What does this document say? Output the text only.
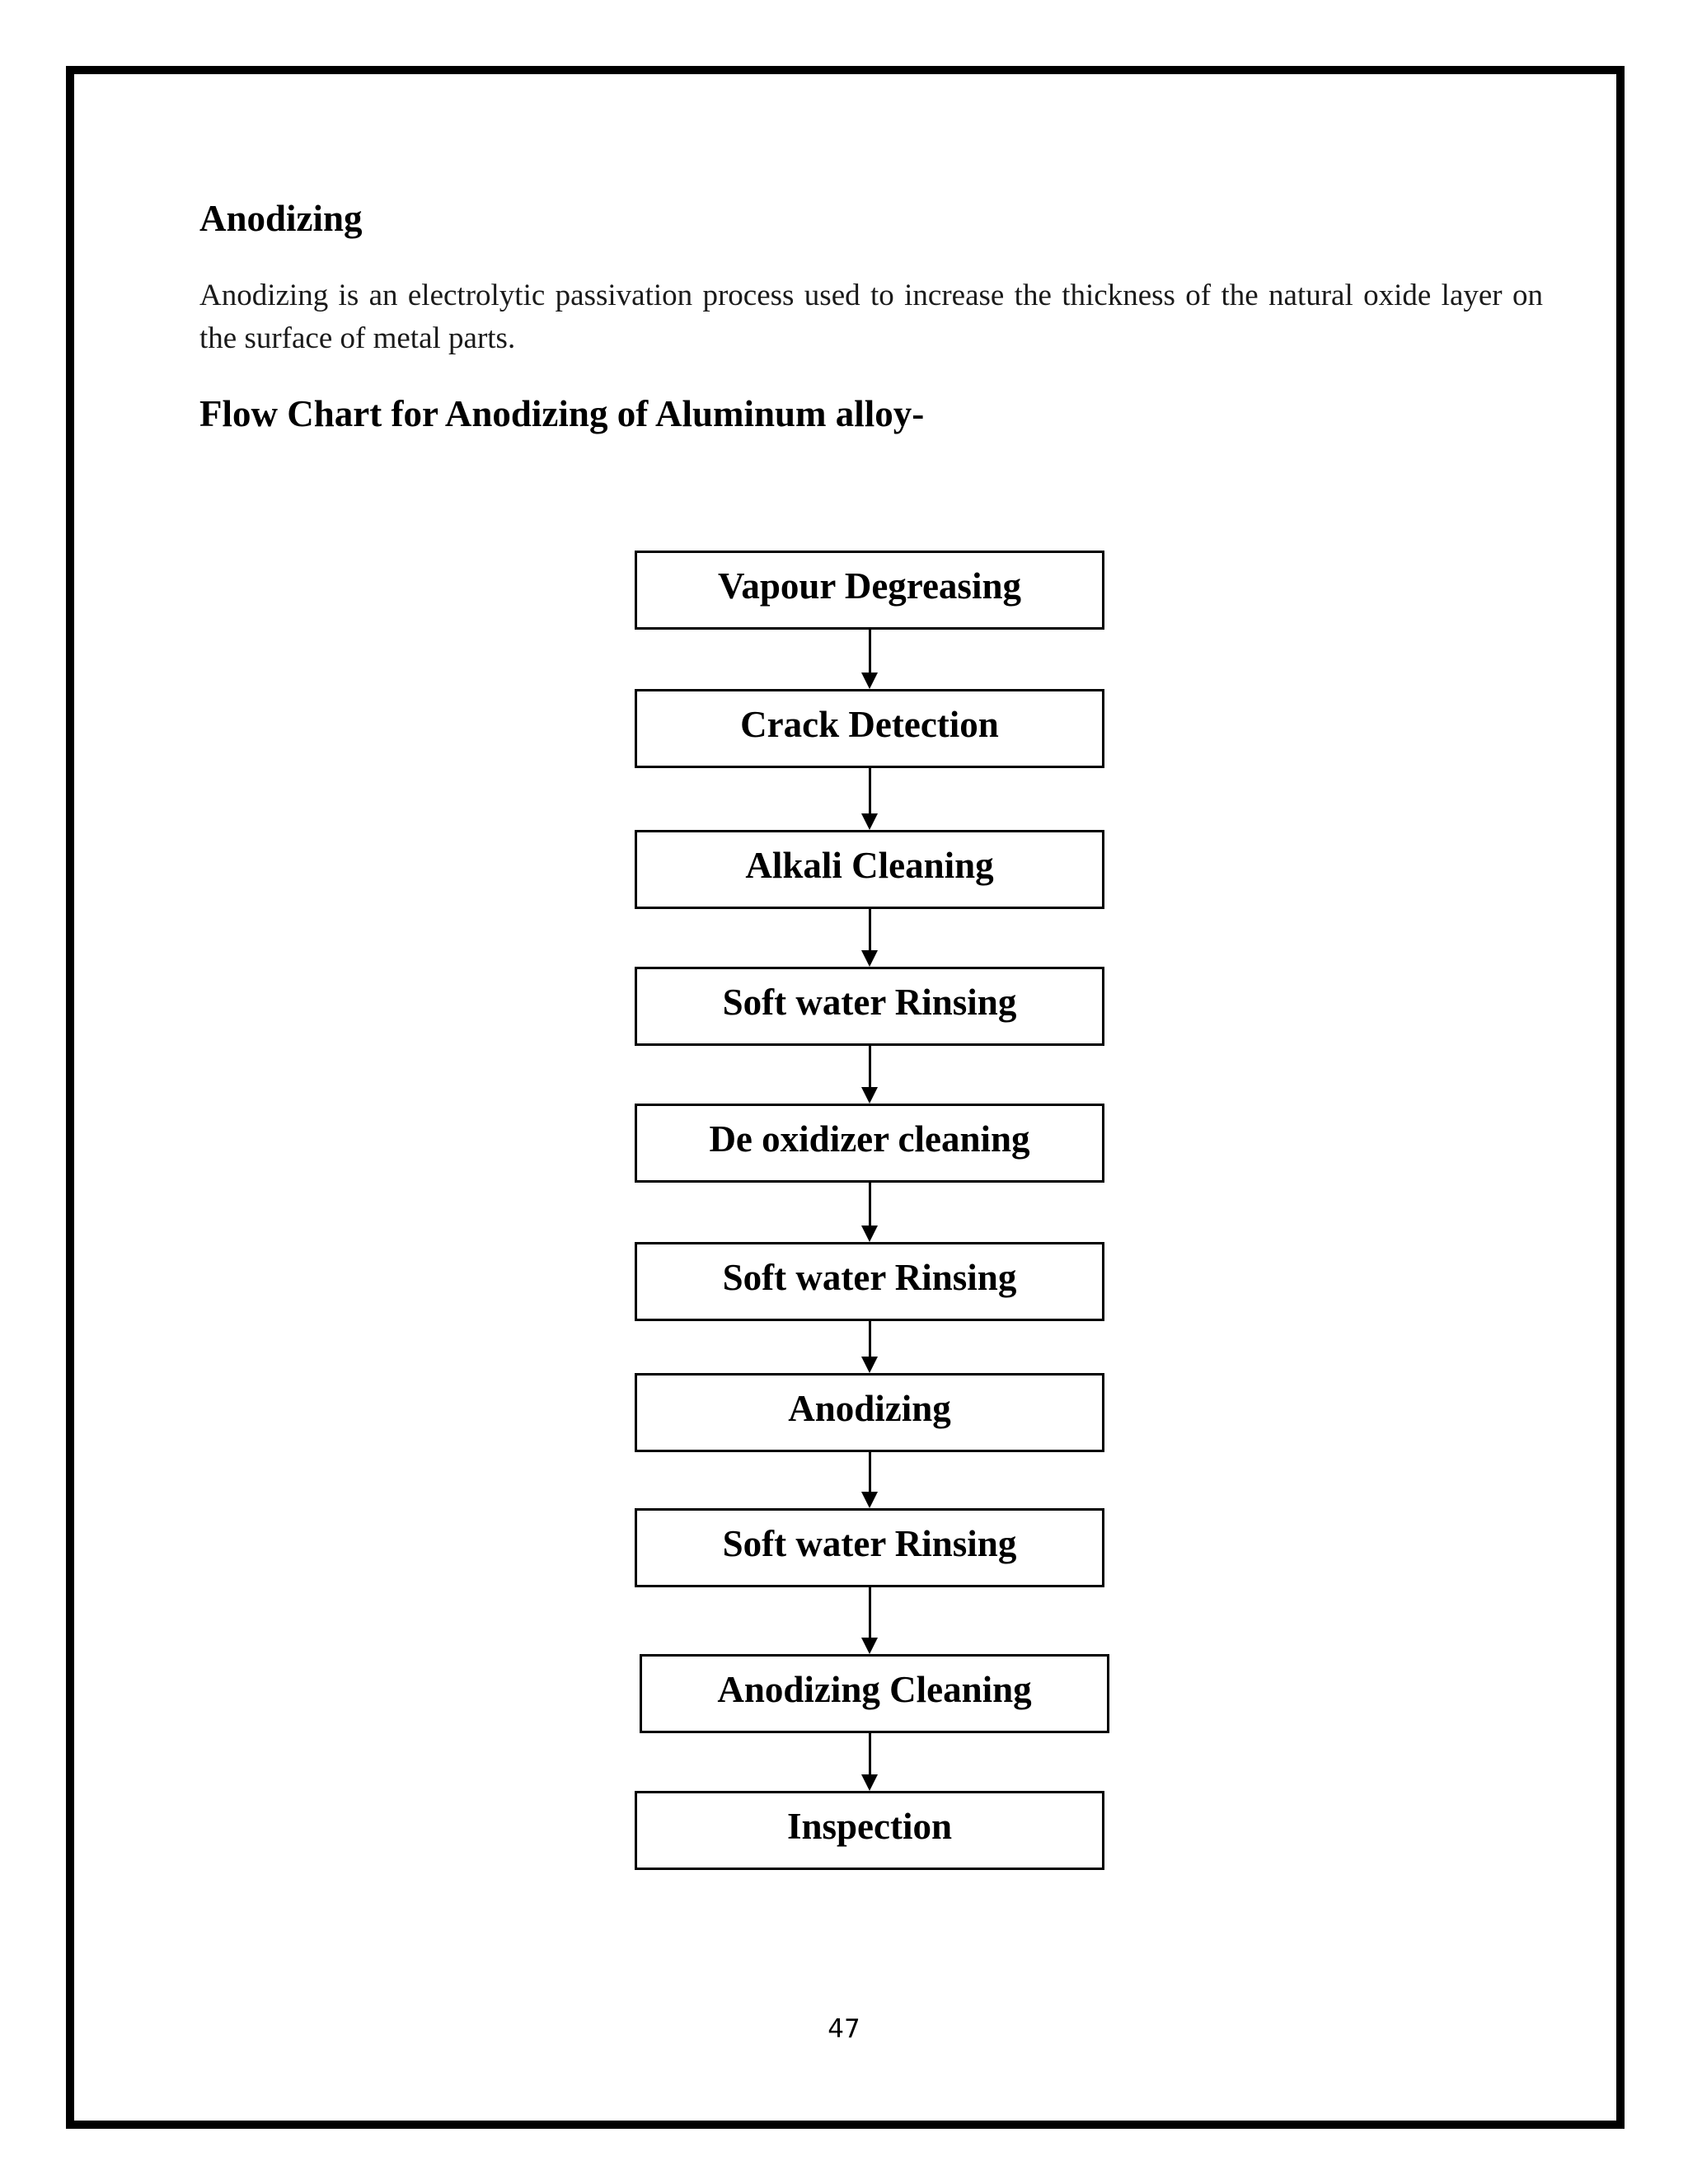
Anodizing

Anodizing is an electrolytic passivation process used to increase the thickness of the natural oxide layer on the surface of metal parts.

Flow Chart for Anodizing of Aluminum alloy-
Vapour Degreasing
Crack Detection
Alkali Cleaning
Soft water Rinsing
De oxidizer cleaning
Soft water Rinsing
Anodizing
Soft water Rinsing
Anodizing Cleaning
Inspection

47
